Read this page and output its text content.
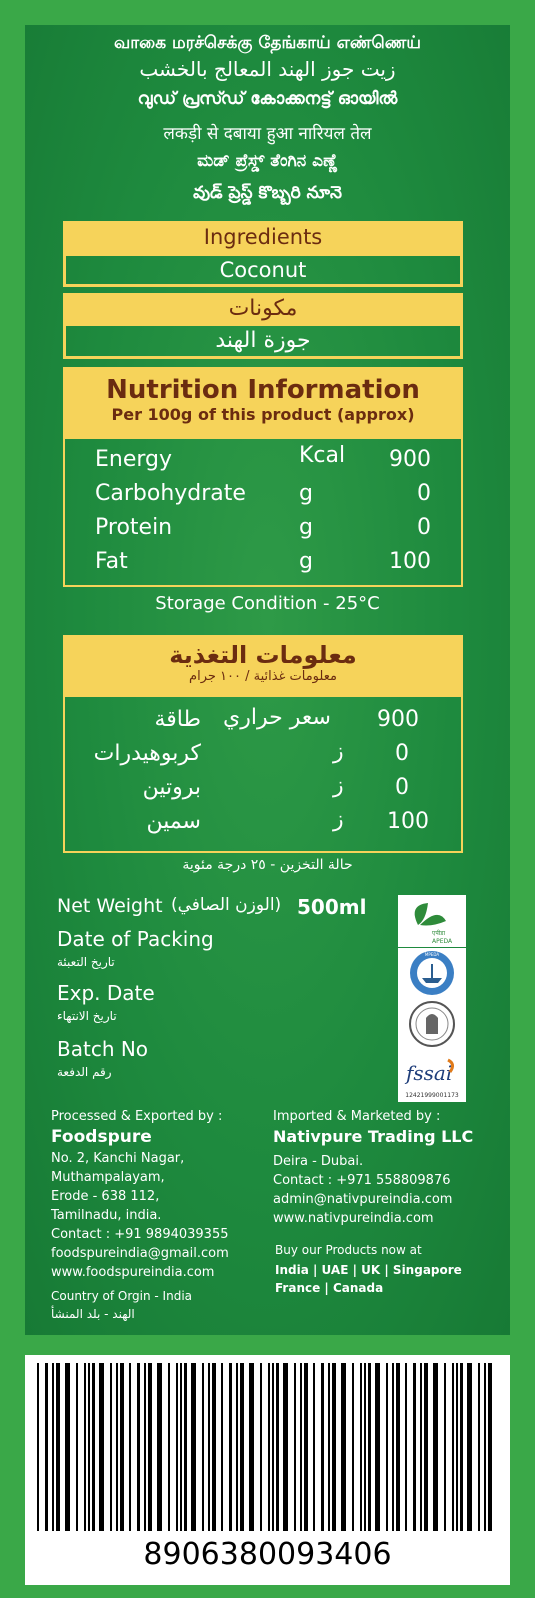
வாகை மரச்செக்கு தேங்காய் எண்ணெய்
زيت جوز الهند المعالج بالخشب
വുഡ് പ്രസ്ഡ് കോക്കനട്ട് ഓയിൽ
लकड़ी से दबाया हुआ नारियल तेल
ಮಡ್ ಪ್ರೆಸ್ಡ್ ತೆಂಗಿನ ಎಣ್ಣೆ
వుడ్ ప్రెస్డ్ కొబ్బరి నూనె
Ingredients
Coconut
مكونات
جوزة الهند
Nutrition Information
Per 100g of this product (approx)
Energy	Kcal 900
Carbohydrate g	0
Protein	g	0
Fat	g	100
Storage Condition - 25°C
معلومات التغذية
معلومات غذائية / ١٠٠ جرام
طاقة سعر حراري 900
كربوهيدرات	ز 0
بروتين	ز 0
سمين	ز 100
حالة التخزين - ٢٥ درجة مئوية
Net Weight (الوزن الصافي) 500ml
Date of Packing
تاريخ التعبئة
Exp. Date
تاريخ الانتهاء
Batch No
رقم الدفعة
एपीडा
APEDA
MPEDA
fssai
12421999001173
Processed & Exported by :
Foodspure
No. 2, Kanchi Nagar,
Muthampalayam,
Erode - 638 112,
Tamilnadu, india.
Contact : +91 9894039355
foodspureindia@gmail.com
www.foodspureindia.com
Country of Orgin - India
الهند - بلد المنشأ
Imported & Marketed by :
Nativpure Trading LLC
Deira - Dubai.
Contact : +971 558809876
admin@nativpureindia.com
www.nativpureindia.com
Buy our Products now at
India | UAE | UK | Singapore
France | Canada
8906380093406
